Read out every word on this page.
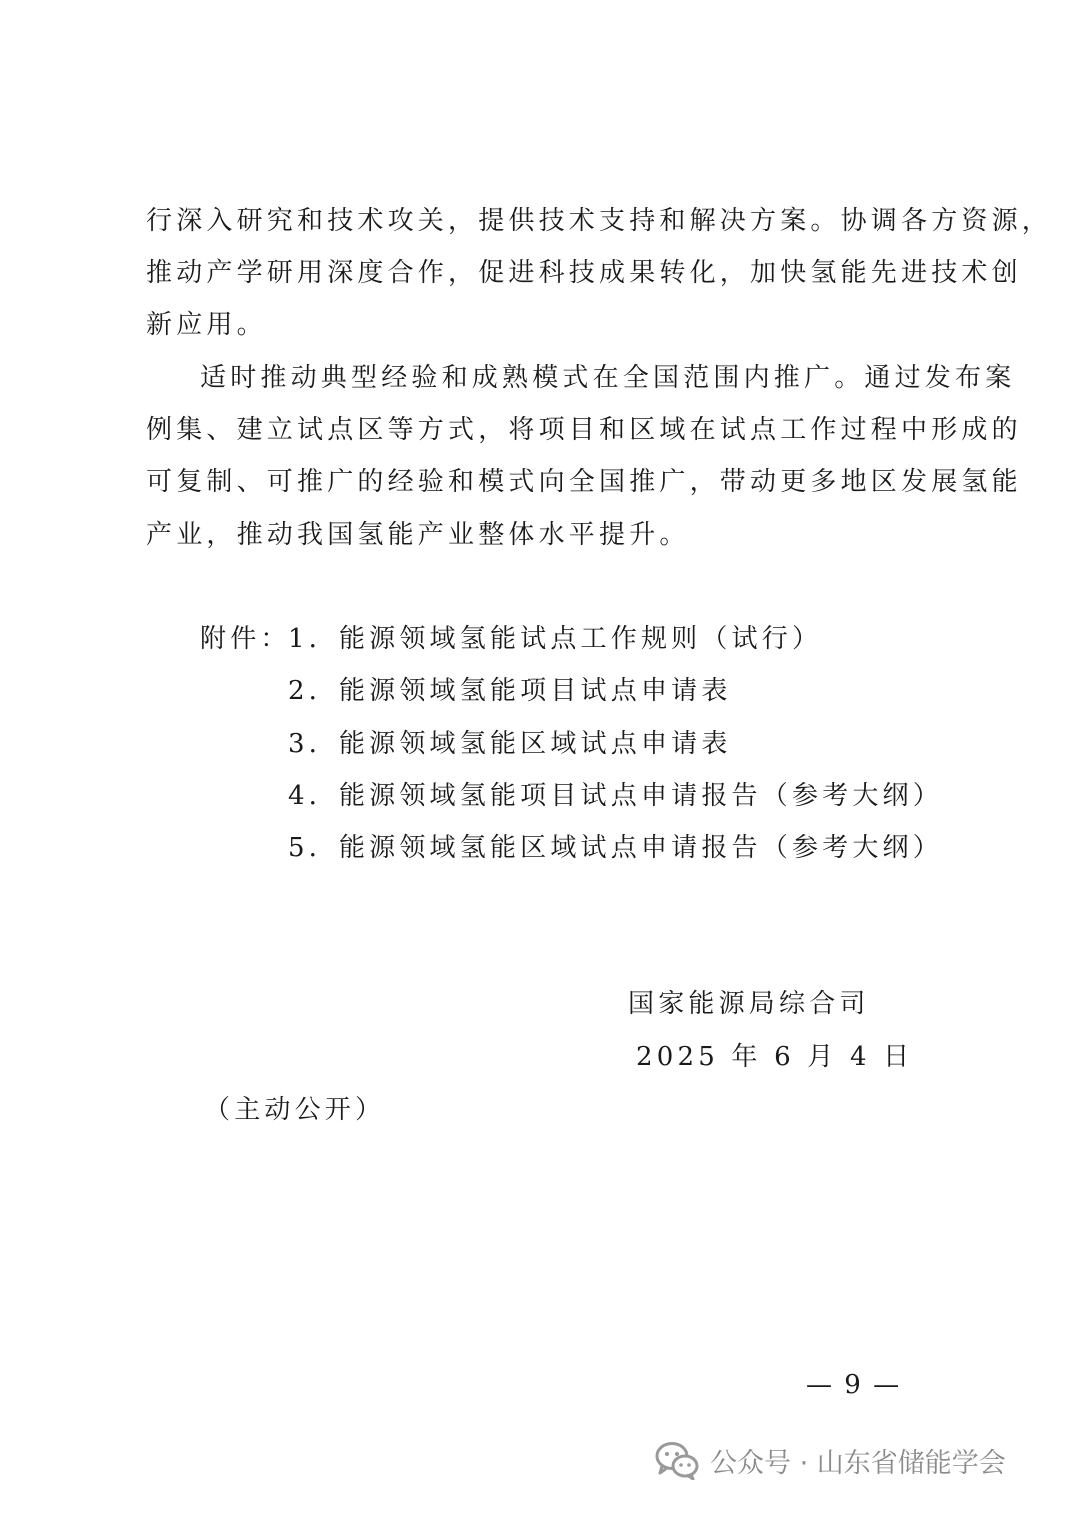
行深入研究和技术攻关，提供技术支持和解决方案。协调各方资源，
推动产学研用深度合作，促进科技成果转化，加快氢能先进技术创
新应用。
适时推动典型经验和成熟模式在全国范围内推广。通过发布案
例集、建立试点区等方式，将项目和区域在试点工作过程中形成的
可复制、可推广的经验和模式向全国推广，带动更多地区发展氢能
产业，推动我国氢能产业整体水平提升。
附件：
1．能源领域氢能试点工作规则（试行）
2．能源领域氢能项目试点申请表
3．能源领域氢能区域试点申请表
4．能源领域氢能项目试点申请报告（参考大纲）
5．能源领域氢能区域试点申请报告（参考大纲）
国家能源局综合司
2025 年 6 月 4 日
（主动公开）
— 9 —
公众号 · 山东省储能学会
